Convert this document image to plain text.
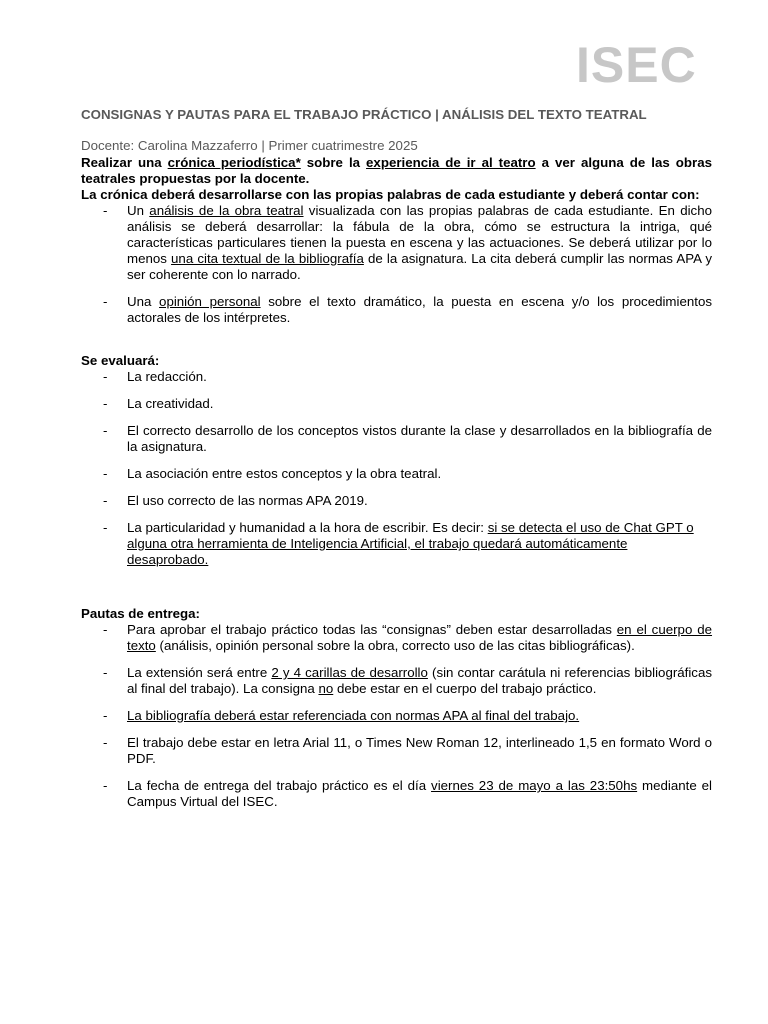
ISEC

CONSIGNAS Y PAUTAS PARA EL TRABAJO PRÁCTICO | ANÁLISIS DEL TEXTO TEATRAL

Docente: Carolina Mazzaferro | Primer cuatrimestre 2025

Realizar una crónica periodística* sobre la experiencia de ir al teatro a ver alguna de las obras teatrales propuestas por la docente.

La crónica deberá desarrollarse con las propias palabras de cada estudiante y deberá contar con:

- Un análisis de la obra teatral visualizada con las propias palabras de cada estudiante. En dicho análisis se deberá desarrollar: la fábula de la obra, cómo se estructura la intriga, qué características particulares tienen la puesta en escena y las actuaciones. Se deberá utilizar por lo menos una cita textual de la bibliografía de la asignatura. La cita deberá cumplir las normas APA y ser coherente con lo narrado.
- Una opinión personal sobre el texto dramático, la puesta en escena y/o los procedimientos actorales de los intérpretes.
Se evaluará:
- La redacción.
- La creatividad.
- El correcto desarrollo de los conceptos vistos durante la clase y desarrollados en la bibliografía de la asignatura.
- La asociación entre estos conceptos y la obra teatral.
- El uso correcto de las normas APA 2019.
- La particularidad y humanidad a la hora de escribir. Es decir: si se detecta el uso de Chat GPT o alguna otra herramienta de Inteligencia Artificial, el trabajo quedará automáticamente desaprobado.
Pautas de entrega:
- Para aprobar el trabajo práctico todas las “consignas” deben estar desarrolladas en el cuerpo de texto (análisis, opinión personal sobre la obra, correcto uso de las citas bibliográficas).
- La extensión será entre 2 y 4 carillas de desarrollo (sin contar carátula ni referencias bibliográficas al final del trabajo). La consigna no debe estar en el cuerpo del trabajo práctico.
- La bibliografía deberá estar referenciada con normas APA al final del trabajo.
- El trabajo debe estar en letra Arial 11, o Times New Roman 12, interlineado 1,5 en formato Word o PDF.
- La fecha de entrega del trabajo práctico es el día viernes 23 de mayo a las 23:50hs mediante el Campus Virtual del ISEC.
